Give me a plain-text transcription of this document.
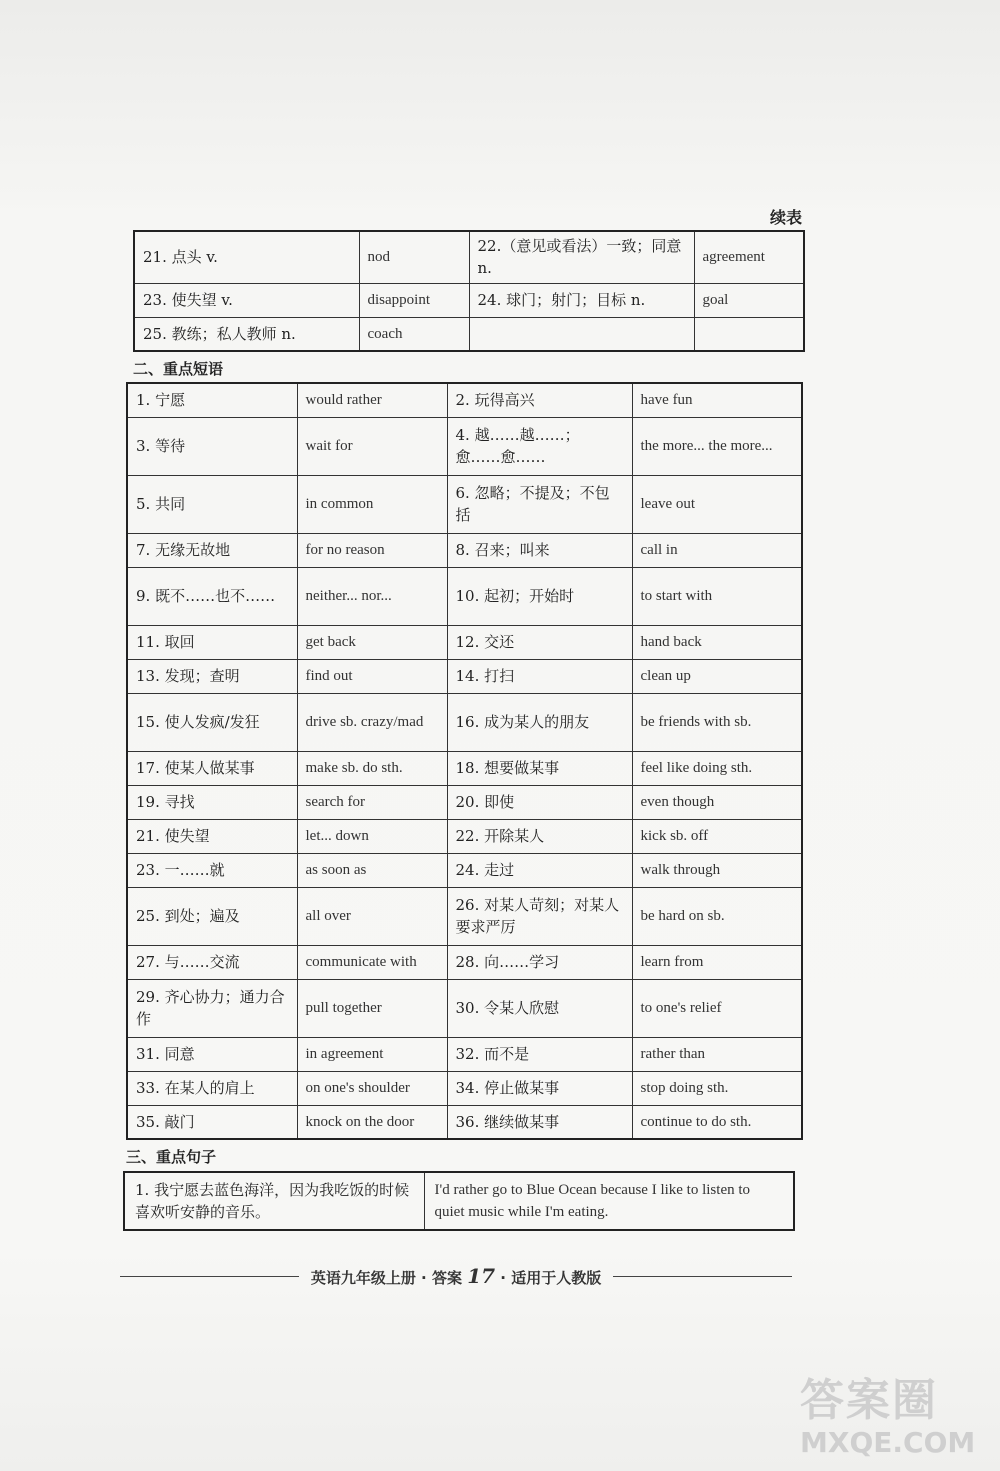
续表
21. 点头 v.	nod	22.（意见或看法）一致；同意 n.	agreement
23. 使失望 v.	disappoint	24. 球门；射门；目标 n.	goal
25. 教练；私人教师 n.	coach		
二、重点短语
1. 宁愿	would rather	2. 玩得高兴	have fun
3. 等待	wait for	4. 越……越……；愈……愈……	the more... the more...
5. 共同	in common	6. 忽略；不提及；不包括	leave out
7. 无缘无故地	for no reason	8. 召来；叫来	call in
9. 既不……也不……	neither... nor...	10. 起初；开始时	to start with
11. 取回	get back	12. 交还	hand back
13. 发现；查明	find out	14. 打扫	clean up
15. 使人发疯/发狂	drive sb. crazy/mad	16. 成为某人的朋友	be friends with sb.
17. 使某人做某事	make sb. do sth.	18. 想要做某事	feel like doing sth.
19. 寻找	search for	20. 即使	even though
21. 使失望	let... down	22. 开除某人	kick sb. off
23. 一……就	as soon as	24. 走过	walk through
25. 到处；遍及	all over	26. 对某人苛刻；对某人要求严厉	be hard on sb.
27. 与……交流	communicate with	28. 向……学习	learn from
29. 齐心协力；通力合作	pull together	30. 令某人欣慰	to one's relief
31. 同意	in agreement	32. 而不是	rather than
33. 在某人的肩上	on one's shoulder	34. 停止做某事	stop doing sth.
35. 敲门	knock on the door	36. 继续做某事	continue to do sth.
三、重点句子
1. 我宁愿去蓝色海洋，因为我吃饭的时候喜欢听安静的音乐。	I'd rather go to Blue Ocean because I like to listen to quiet music while I'm eating.
英语九年级上册 · 答案 17 · 适用于人教版
答案圈
MXQE.COM
